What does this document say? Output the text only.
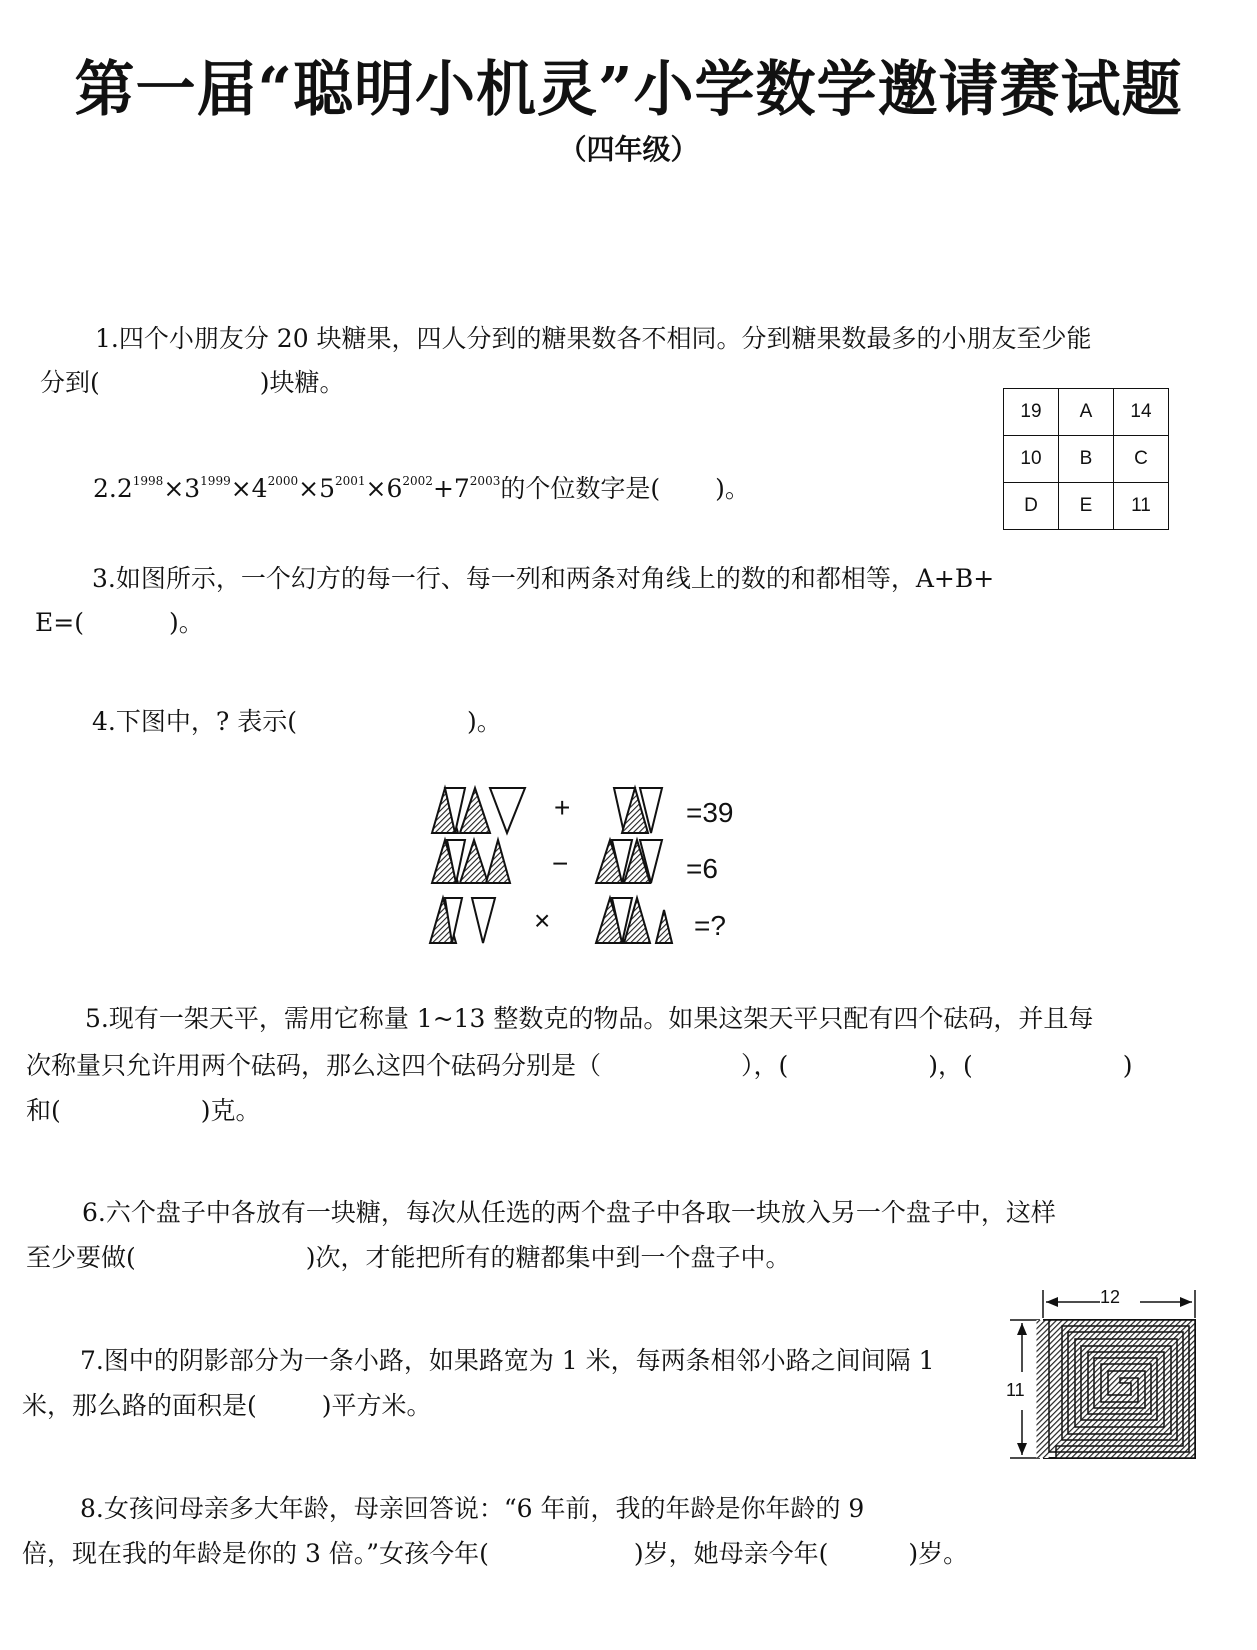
第一届“聪明小机灵”小学数学邀请赛试题
（四年级）
1.四个小朋友分 20 块糖果，四人分到的糖果数各不相同。分到糖果数最多的小朋友至少能
分到(	)块糖。
$2.2^{1998}\times 3^{1999}\times 4^{2000}\times 5^{2001}\times 6^{2002}+7^{2003}$的个位数字是( )。
19	A	14
10	B	C
D	E	11
3.如图所示，一个幻方的每一行、每一列和两条对角线上的数的和都相等，A+B+
E=(	)。
4.下图中，? 表示(	)。
+
−
×
=39
=6
=?
5.现有一架天平，需用它称量 1~13 整数克的物品。如果这架天平只配有四个砝码，并且每
次称量只允许用两个砝码，那么这四个砝码分别是（	），(	)，(	)
和(	)克。
6.六个盘子中各放有一块糖，每次从任选的两个盘子中各取一块放入另一个盘子中，这样
至少要做(	)次，才能把所有的糖都集中到一个盘子中。
7.图中的阴影部分为一条小路，如果路宽为 1 米，每两条相邻小路之间间隔 1
米，那么路的面积是(	)平方米。
12
11
8.女孩问母亲多大年龄，母亲回答说：“6 年前，我的年龄是你年龄的 9
倍，现在我的年龄是你的 3 倍。”女孩今年(	)岁，她母亲今年(	)岁。
